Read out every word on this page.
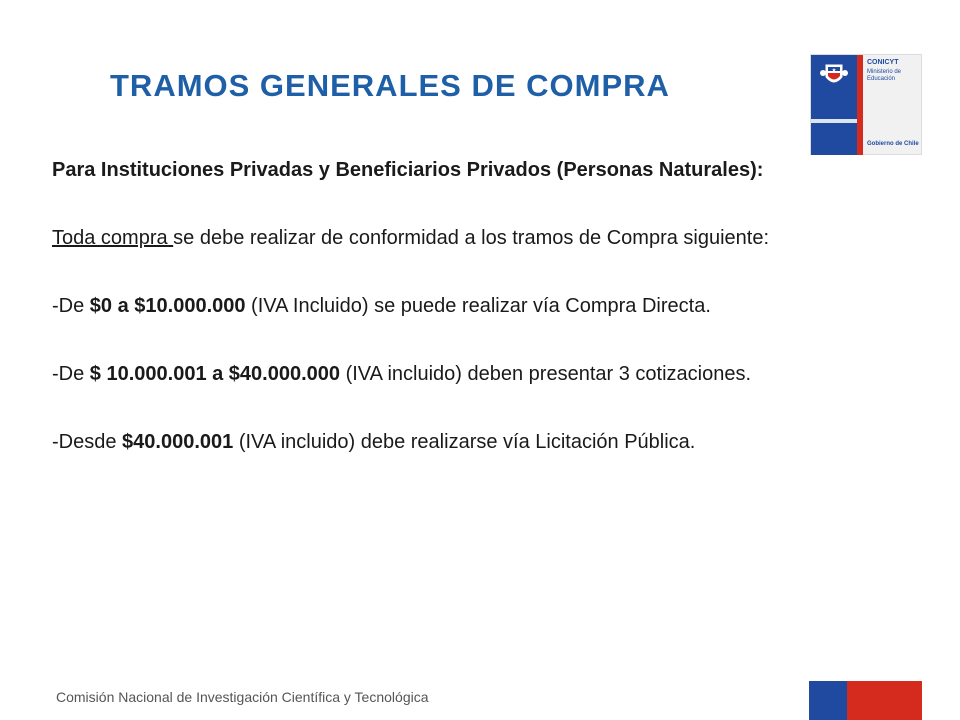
TRAMOS GENERALES DE COMPRA
CONICYT
Ministerio de Educación
Gobierno de Chile

Para Instituciones Privadas y Beneficiarios Privados (Personas Naturales):

Toda compra se debe realizar de conformidad a los tramos de Compra siguiente:

-De $0 a $10.000.000 (IVA Incluido) se puede realizar vía Compra Directa.

-De $ 10.000.001 a $40.000.000 (IVA incluido) deben presentar 3 cotizaciones.

-Desde $40.000.001 (IVA incluido) debe realizarse vía Licitación Pública.

Comisión Nacional de Investigación Científica y Tecnológica
